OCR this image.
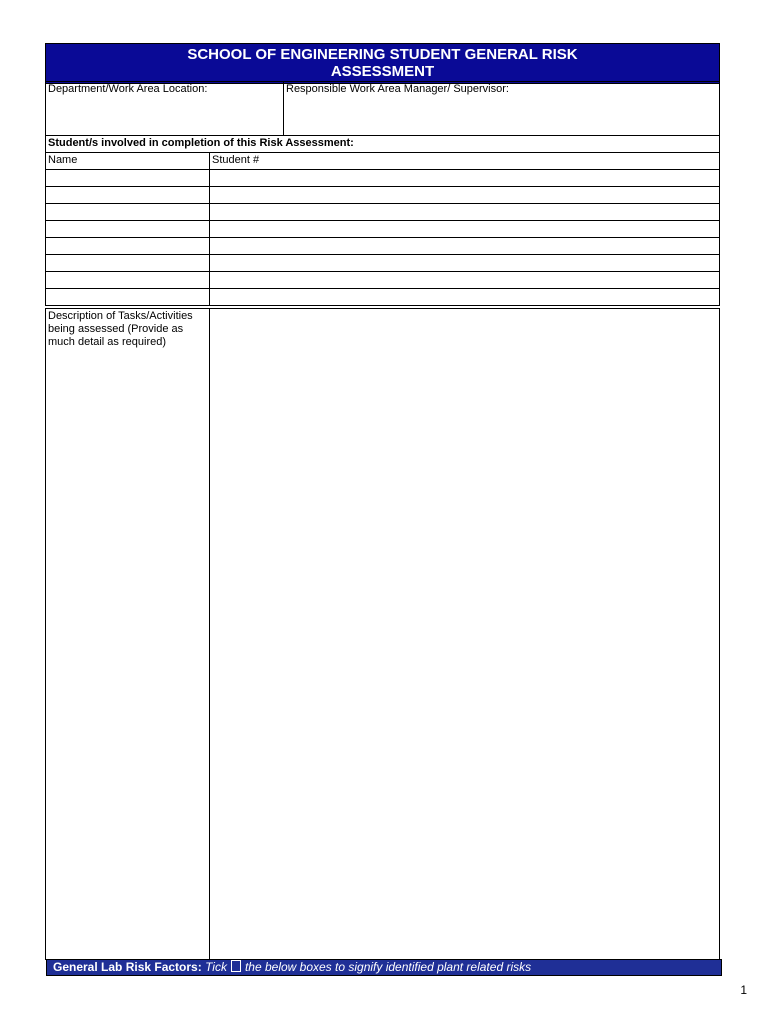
SCHOOL OF ENGINEERING STUDENT GENERAL RISK
ASSESSMENT
Department/Work Area Location:	Responsible Work Area Manager/ Supervisor:
Student/s involved in completion of this Risk Assessment:
Name	Student #
Description of Tasks/Activities
being assessed (Provide as
much detail as required)
General Lab Risk Factors: Tick the below boxes to signify identified plant related risks
1
